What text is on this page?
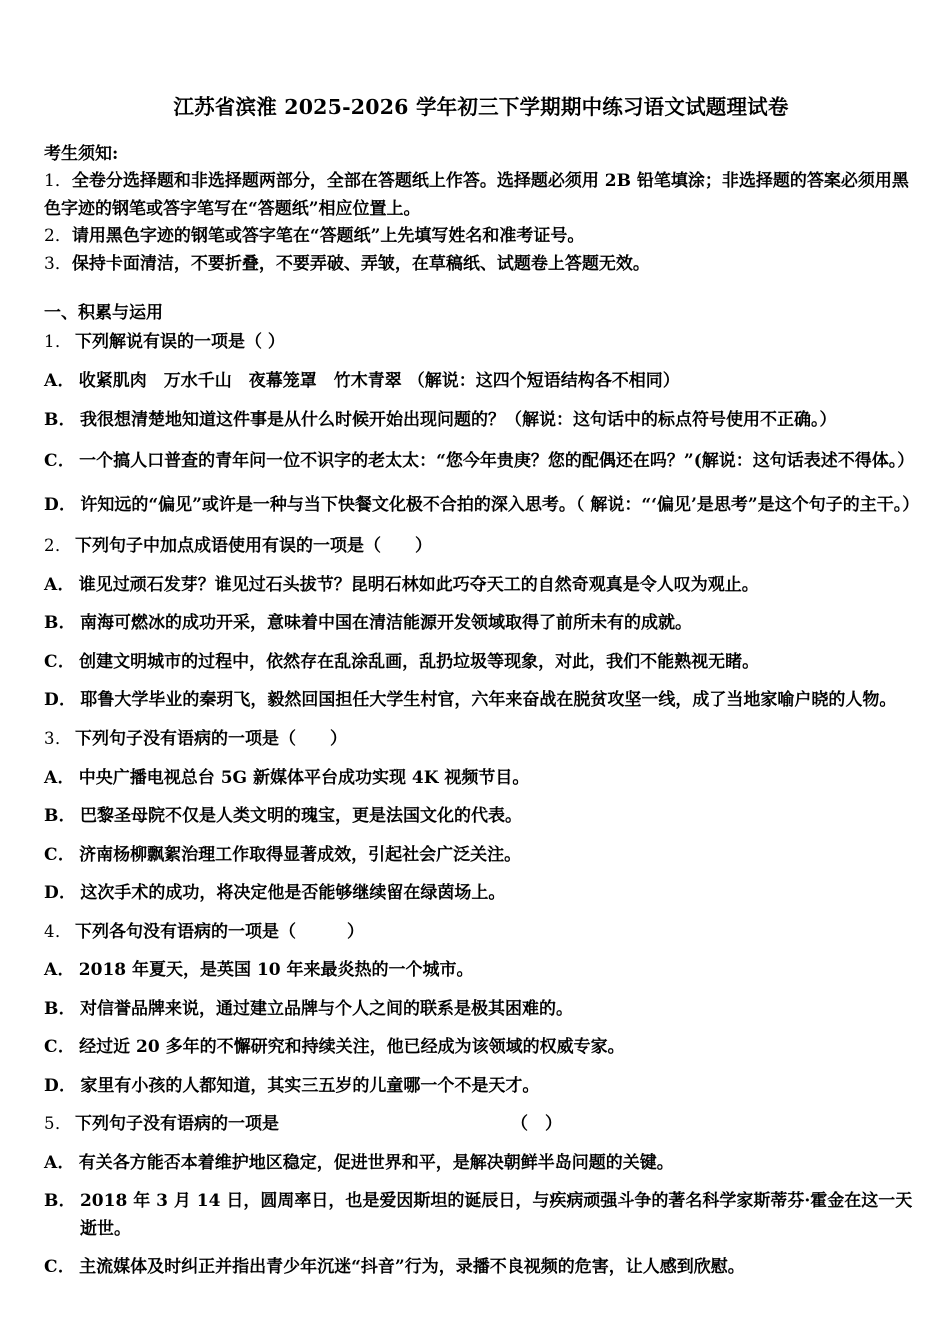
江苏省滨淮 2025-2026 学年初三下学期期中练习语文试题理试卷

考生须知:

1．全卷分选择题和非选择题两部分，全部在答题纸上作答。选择题必须用 2B 铅笔填涂；非选择题的答案必须用黑色字迹的钢笔或答字笔写在“答题纸”相应位置上。

2．请用黑色字迹的钢笔或答字笔在“答题纸”上先填写姓名和准考证号。

3．保持卡面清洁，不要折叠，不要弄破、弄皱，在草稿纸、试题卷上答题无效。

一、积累与运用

1． 下列解说有误的一项是（ ）

A． 收紧肌肉　万水千山　夜幕笼罩　竹木青翠 （解说：这四个短语结构各不相同）

B． 我很想清楚地知道这件事是从什么时候开始出现问题的？（解说：这句话中的标点符号使用不正确。）

C． 一个搞人口普查的青年问一位不识字的老太太：“您今年贵庚？您的配偶还在吗？”(解说：这句话表述不得体。）

D． 许知远的“偏见”或许是一种与当下快餐文化极不合拍的深入思考。（ 解说：“‘偏见’是思考”是这个句子的主干。）

2． 下列句子中加点成语使用有误的一项是（　　）

A． 谁见过顽石发芽？谁见过石头拔节？昆明石林如此巧夺天工的自然奇观真是令人叹为观止。

B． 南海可燃冰的成功开采，意味着中国在清洁能源开发领域取得了前所未有的成就。

C． 创建文明城市的过程中，依然存在乱涂乱画，乱扔垃圾等现象，对此，我们不能熟视无睹。

D． 耶鲁大学毕业的秦玥飞，毅然回国担任大学生村官，六年来奋战在脱贫攻坚一线，成了当地家喻户晓的人物。

3． 下列句子没有语病的一项是（　　）

A． 中央广播电视总台 5G 新媒体平台成功实现 4K 视频节目。

B． 巴黎圣母院不仅是人类文明的瑰宝，更是法国文化的代表。

C． 济南杨柳飘絮治理工作取得显著成效，引起社会广泛关注。

D． 这次手术的成功，将决定他是否能够继续留在绿茵场上。

4． 下列各句没有语病的一项是（　　　）

A． 2018 年夏天，是英国 10 年来最炎热的一个城市。

B． 对信誉品牌来说，通过建立品牌与个人之间的联系是极其困难的。

C． 经过近 20 多年的不懈研究和持续关注，他已经成为该领域的权威专家。

D． 家里有小孩的人都知道，其实三五岁的儿童哪一个不是天才。

5． 下列句子没有语病的一项是	（　）

A． 有关各方能否本着维护地区稳定，促进世界和平，是解决朝鲜半岛问题的关键。

B． 2018 年 3 月 14 日，圆周率日，也是爱因斯坦的诞辰日，与疾病顽强斗争的著名科学家斯蒂芬·霍金在这一天逝世。

C． 主流媒体及时纠正并指出青少年沉迷“抖音”行为，录播不良视频的危害，让人感到欣慰。
